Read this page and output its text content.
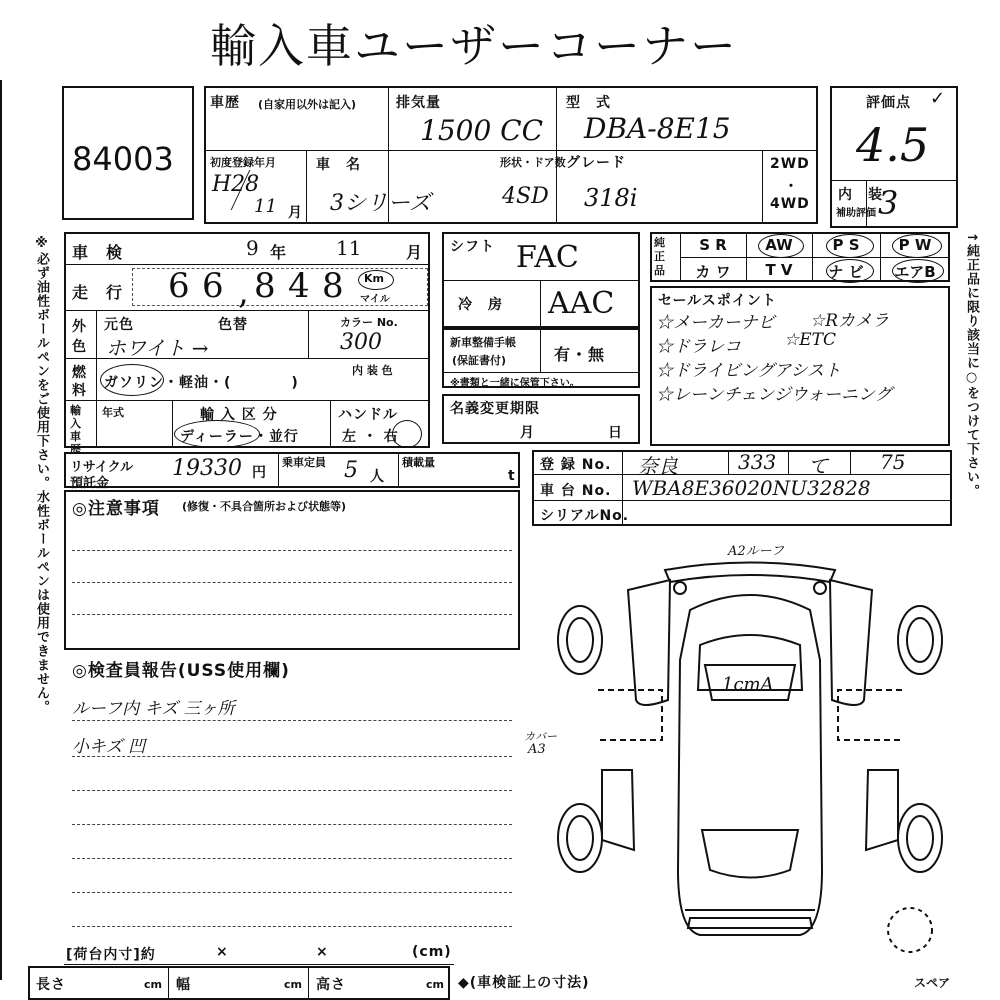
輸入車ユーザーコーナー
84003
車歴 (自家用以外は記入)	排気量
1500 CC
型　式
DBA-8E15
初度登録年月
H28
11 月
車　名
3シリーズ
形状・ドア数
4SD
グレード
318i
2WD
・
4WD
評価点 ✓
4.5
内　装
補助評価 3
※必ず油性ボールペンをご使用下さい。水性ボールペンは使用できません。 車　検	9 年 11	月
走　行 6 6 , 8 4 8 Km
マイル
外
色
元色	色替
ホワイト →
カラー No.
300
燃
料 ガソリン・軽油・(　　　　)
内 装 色
輸入車歴
年式	輸 入 区 分
ディーラー・並行
ハンドル
左 ・ 右
シフト FAC
冷　房 AAC
新車整備手帳
(保証書付)	有・無
※書類と一緒に保管下さい。
名義変更期限
月	日
純正品
S R	AW	P S	P W
カ ワ	T V	ナ ビ	エアB
セールスポイント
☆メーカーナビ ☆Rカメラ
☆ドラレコ	☆ETC
☆ドライビングアシスト
☆レーンチェンジウォーニング	↑純正品に限り該当に○をつけて下さい。
リサイクル
預託金
19330 円
乗車定員 5 人
積載量
t
登 録 No. 奈良	333 て	75
車 台 No. WBA8E36020NU32828
シリアルNo.
◎注意事項 (修復・不具合箇所および状態等)
◎検査員報告(USS使用欄)
ルーフ内 キズ 三ヶ所
小キズ 凹
A2ルーフ
1cmA
カバー
A3
スペア
[荷台内寸]約	×	×	(cm)
長さ	cm 幅	cm 高さ	cm ◆(車検証上の寸法)
